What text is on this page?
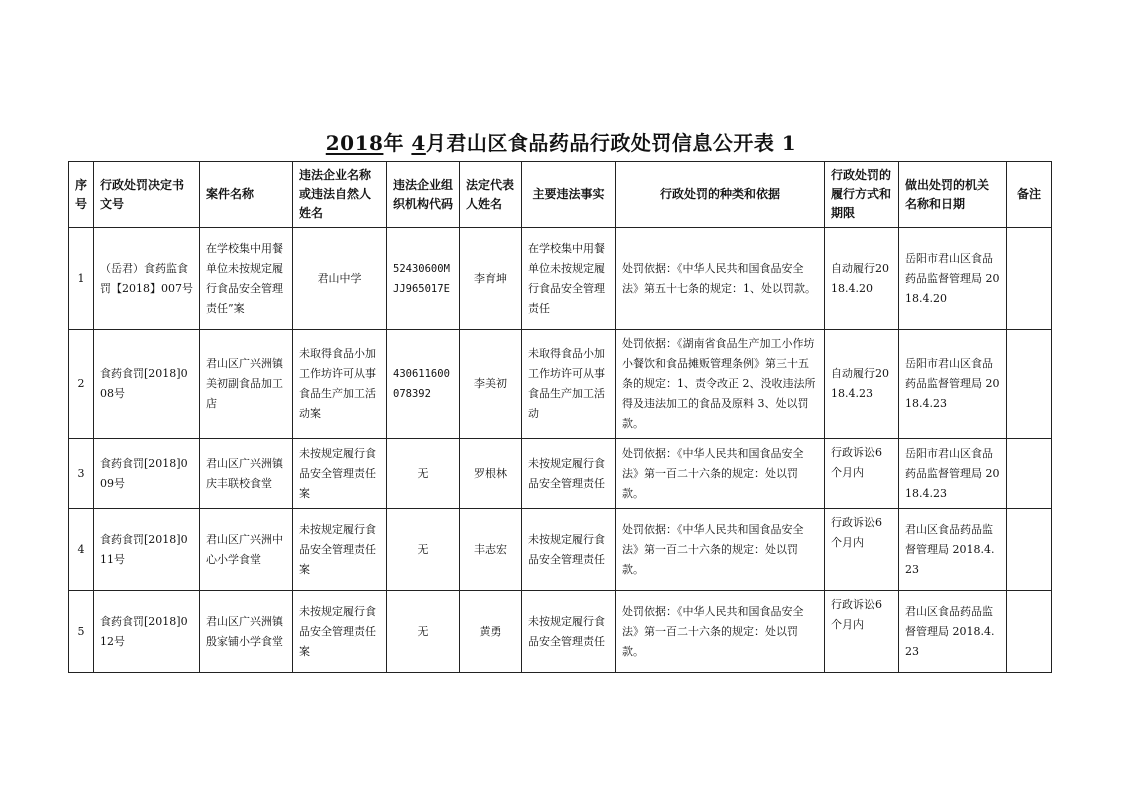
2018年 4月君山区食品药品行政处罚信息公开表 1
序号	行政处罚决定书文号	案件名称	违法企业名称或违法自然人姓名	违法企业组织机构代码	法定代表人姓名	主要违法事实	行政处罚的种类和依据	行政处罚的履行方式和期限	做出处罚的机关名称和日期	备注
1	（岳君）食药监食罚【2018】007号	在学校集中用餐单位未按规定履行食品安全管理责任”案	君山中学	52430600MJJ965017E	李育坤	在学校集中用餐单位未按规定履行食品安全管理责任	处罚依据：《中华人民共和国食品安全法》第五十七条的规定：1、处以罚款。	自动履行2018.4.20	岳阳市君山区食品药品监督管理局 2018.4.20	
2	食药食罚[2018]008号	君山区广兴洲镇美初副食品加工店	未取得食品小加工作坊许可从事食品生产加工活动案	430611600078392	李美初	未取得食品小加工作坊许可从事食品生产加工活动	处罚依据：《湖南省食品生产加工小作坊小餐饮和食品摊贩管理条例》第三十五条的规定：1、责令改正 2、没收违法所得及违法加工的食品及原料 3、处以罚款。	自动履行2018.4.23	岳阳市君山区食品药品监督管理局 2018.4.23	
3	食药食罚[2018]009号	君山区广兴洲镇庆丰联校食堂	未按规定履行食品安全管理责任案	无	罗根林	未按规定履行食品安全管理责任	处罚依据：《中华人民共和国食品安全法》第一百二十六条的规定：处以罚款。	行政诉讼6个月内	岳阳市君山区食品药品监督管理局 2018.4.23	
4	食药食罚[2018]011号	君山区广兴洲中心小学食堂	未按规定履行食品安全管理责任案	无	丰志宏	未按规定履行食品安全管理责任	处罚依据：《中华人民共和国食品安全法》第一百二十六条的规定：处以罚款。	行政诉讼6个月内	君山区食品药品监督管理局 2018.4.23	
5	食药食罚[2018]012号	君山区广兴洲镇殷家铺小学食堂	未按规定履行食品安全管理责任案	无	黄勇	未按规定履行食品安全管理责任	处罚依据：《中华人民共和国食品安全法》第一百二十六条的规定：处以罚款。	行政诉讼6个月内	君山区食品药品监督管理局 2018.4.23	
